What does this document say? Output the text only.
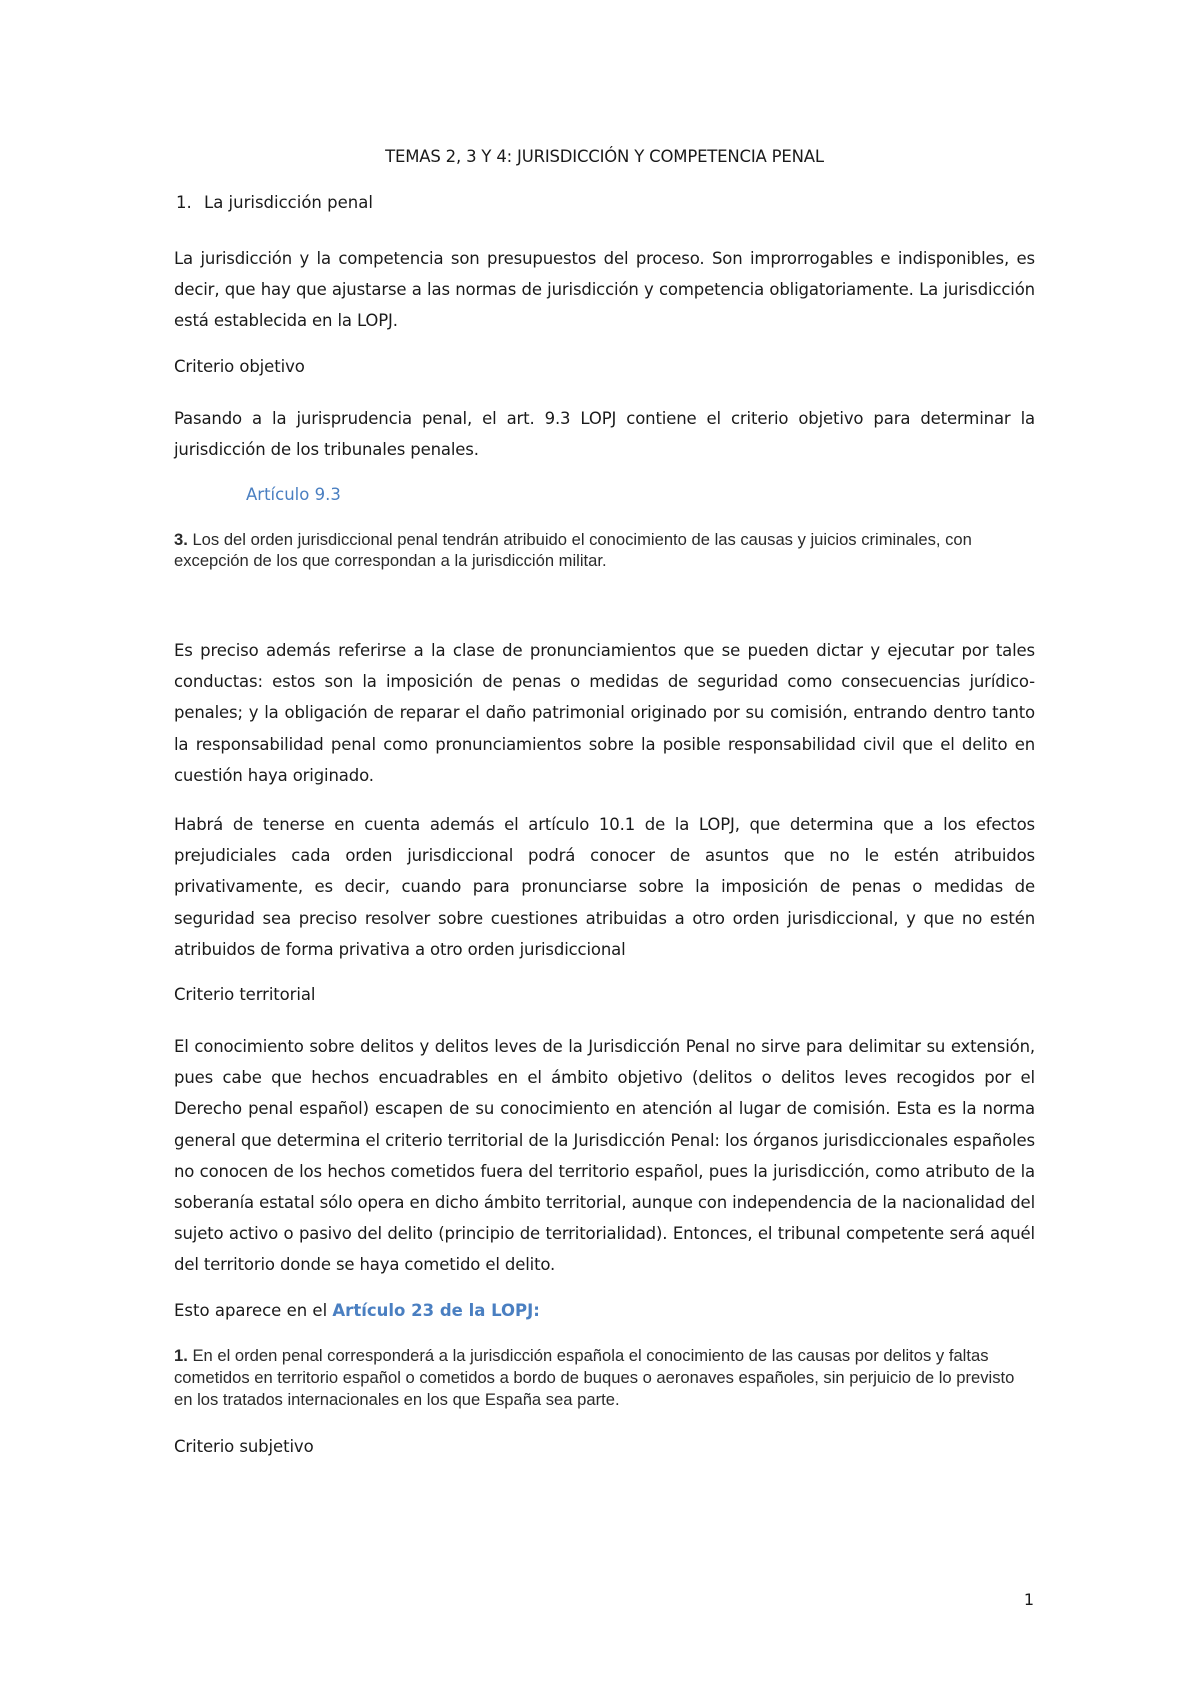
TEMAS 2, 3 Y 4: JURISDICCIÓN Y COMPETENCIA PENAL
1. La jurisdicción penal

La jurisdicción y la competencia son presupuestos del proceso. Son improrrogables e indisponibles, es decir, que hay que ajustarse a las normas de jurisdicción y competencia obligatoriamente. La jurisdicción está establecida en la LOPJ.

Criterio objetivo

Pasando a la jurisprudencia penal, el art. 9.3 LOPJ contiene el criterio objetivo para determinar la jurisdicción de los tribunales penales.

Artículo 9.3
3. Los del orden jurisdiccional penal tendrán atribuido el conocimiento de las causas y juicios criminales, con excepción de los que correspondan a la jurisdicción militar.

Es preciso además referirse a la clase de pronunciamientos que se pueden dictar y ejecutar por tales conductas: estos son la imposición de penas o medidas de seguridad como consecuencias jurídico-penales; y la obligación de reparar el daño patrimonial originado por su comisión, entrando dentro tanto la responsabilidad penal como pronunciamientos sobre la posible responsabilidad civil que el delito en cuestión haya originado.

Habrá de tenerse en cuenta además el artículo 10.1 de la LOPJ, que determina que a los efectos prejudiciales cada orden jurisdiccional podrá conocer de asuntos que no le estén atribuidos privativamente, es decir, cuando para pronunciarse sobre la imposición de penas o medidas de seguridad sea preciso resolver sobre cuestiones atribuidas a otro orden jurisdiccional, y que no estén atribuidos de forma privativa a otro orden jurisdiccional

Criterio territorial

El conocimiento sobre delitos y delitos leves de la Jurisdicción Penal no sirve para delimitar su extensión, pues cabe que hechos encuadrables en el ámbito objetivo (delitos o delitos leves recogidos por el Derecho penal español) escapen de su conocimiento en atención al lugar de comisión. Esta es la norma general que determina el criterio territorial de la Jurisdicción Penal: los órganos jurisdiccionales españoles no conocen de los hechos cometidos fuera del territorio español, pues la jurisdicción, como atributo de la soberanía estatal sólo opera en dicho ámbito territorial, aunque con independencia de la nacionalidad del sujeto activo o pasivo del delito (principio de territorialidad). Entonces, el tribunal competente será aquél del territorio donde se haya cometido el delito.

Esto aparece en el Artículo 23 de la LOPJ:
1. En el orden penal corresponderá a la jurisdicción española el conocimiento de las causas por delitos y faltas cometidos en territorio español o cometidos a bordo de buques o aeronaves españoles, sin perjuicio de lo previsto en los tratados internacionales en los que España sea parte.
Criterio subjetivo
1
